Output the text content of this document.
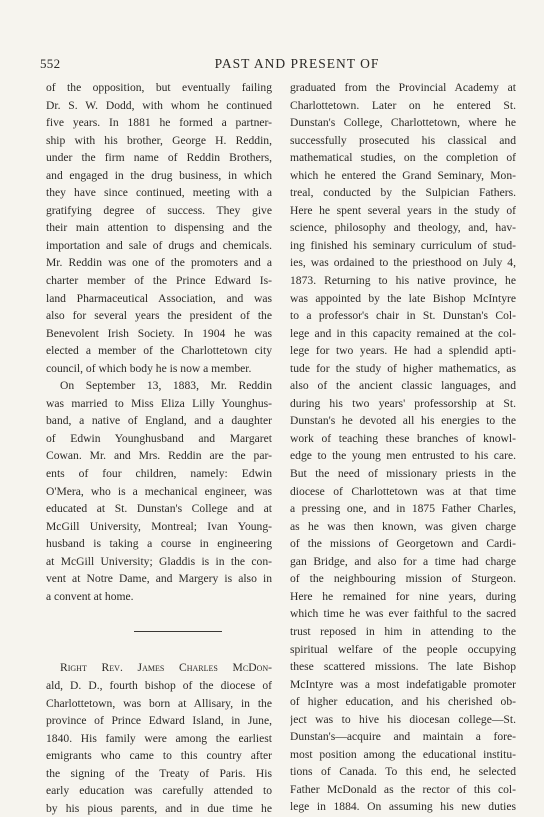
552	PAST AND PRESENT OF
of the opposition, but eventually failing
Dr. S. W. Dodd, with whom he continued
five years. In 1881 he formed a partner-
ship with his brother, George H. Reddin,
under the firm name of Reddin Brothers,
and engaged in the drug business, in which
they have since continued, meeting with a
gratifying degree of success. They give
their main attention to dispensing and the
importation and sale of drugs and chemicals.
Mr. Reddin was one of the promoters and a
charter member of the Prince Edward Is-
land Pharmaceutical Association, and was
also for several years the president of the
Benevolent Irish Society. In 1904 he was
elected a member of the Charlottetown city
council, of which body he is now a member.
On September 13, 1883, Mr. Reddin
was married to Miss Eliza Lilly Younghus-
band, a native of England, and a daughter
of Edwin Younghusband and Margaret
Cowan. Mr. and Mrs. Reddin are the par-
ents of four children, namely: Edwin
O'Mera, who is a mechanical engineer, was
educated at St. Dunstan's College and at
McGill University, Montreal; Ivan Young-
husband is taking a course in engineering
at McGill University; Gladdis is in the con-
vent at Notre Dame, and Margery is also in
a convent at home.
Right Rev. James Charles McDon-
ald, D. D., fourth bishop of the diocese of
Charlottetown, was born at Allisary, in the
province of Prince Edward Island, in June,
1840. His family were among the earliest
emigrants who came to this country after
the signing of the Treaty of Paris. His
early education was carefully attended to
by his pious parents, and in due time he
graduated from the Provincial Academy at
Charlottetown. Later on he entered St.
Dunstan's College, Charlottetown, where he
successfully prosecuted his classical and
mathematical studies, on the completion of
which he entered the Grand Seminary, Mon-
treal, conducted by the Sulpician Fathers.
Here he spent several years in the study of
science, philosophy and theology, and, hav-
ing finished his seminary curriculum of stud-
ies, was ordained to the priesthood on July 4,
1873. Returning to his native province, he
was appointed by the late Bishop McIntyre
to a professor's chair in St. Dunstan's Col-
lege and in this capacity remained at the col-
lege for two years. He had a splendid apti-
tude for the study of higher mathematics, as
also of the ancient classic languages, and
during his two years' professorship at St.
Dunstan's he devoted all his energies to the
work of teaching these branches of knowl-
edge to the young men entrusted to his care.
But the need of missionary priests in the
diocese of Charlottetown was at that time
a pressing one, and in 1875 Father Charles,
as he was then known, was given charge
of the missions of Georgetown and Cardi-
gan Bridge, and also for a time had charge
of the neighbouring mission of Sturgeon.
Here he remained for nine years, during
which time he was ever faithful to the sacred
trust reposed in him in attending to the
spiritual welfare of the people occupying
these scattered missions. The late Bishop
McIntyre was a most indefatigable promoter
of higher education, and his cherished ob-
ject was to hive his diocesan college—St.
Dunstan's—acquire and maintain a fore-
most position among the educational institu-
tions of Canada. To this end, he selected
Father McDonald as the rector of this col-
lege in 1884. On assuming his new duties
